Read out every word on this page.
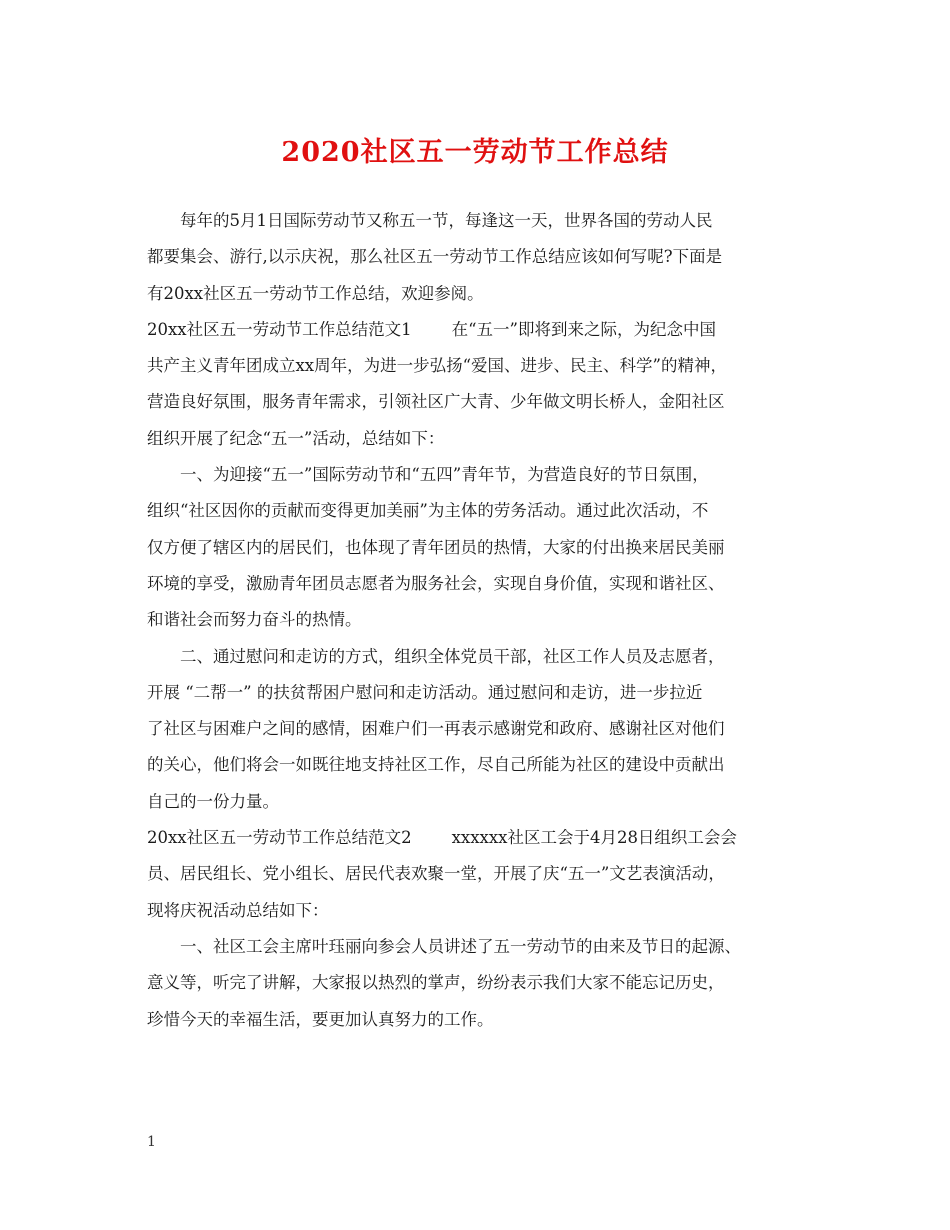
2020社区五一劳动节工作总结
每年的5月1日国际劳动节又称五一节，每逢这一天，世界各国的劳动人民
都要集会、游行,以示庆祝，那么社区五一劳动节工作总结应该如何写呢?下面是
有20xx社区五一劳动节工作总结，欢迎参阅。
20xx社区五一劳动节工作总结范文1 在“五一”即将到来之际，为纪念中国
共产主义青年团成立xx周年，为进一步弘扬“爱国、进步、民主、科学”的精神，
营造良好氛围，服务青年需求，引领社区广大青、少年做文明长桥人，金阳社区
组织开展了纪念“五一”活动，总结如下：
一、为迎接“五一”国际劳动节和“五四”青年节，为营造良好的节日氛围，
组织“社区因你的贡献而变得更加美丽”为主体的劳务活动。通过此次活动，不
仅方便了辖区内的居民们，也体现了青年团员的热情，大家的付出换来居民美丽
环境的享受，激励青年团员志愿者为服务社会，实现自身价值，实现和谐社区、
和谐社会而努力奋斗的热情。
二、通过慰问和走访的方式，组织全体党员干部，社区工作人员及志愿者，
开展 “二帮一” 的扶贫帮困户慰问和走访活动。通过慰问和走访，进一步拉近
了社区与困难户之间的感情，困难户们一再表示感谢党和政府、感谢社区对他们
的关心，他们将会一如既往地支持社区工作，尽自己所能为社区的建设中贡献出
自己的一份力量。
20xx社区五一劳动节工作总结范文2 xxxxxx社区工会于4月28日组织工会会
员、居民组长、党小组长、居民代表欢聚一堂，开展了庆“五一”文艺表演活动，
现将庆祝活动总结如下：
一、社区工会主席叶珏丽向参会人员讲述了五一劳动节的由来及节日的起源、
意义等，听完了讲解，大家报以热烈的掌声，纷纷表示我们大家不能忘记历史，
珍惜今天的幸福生活，要更加认真努力的工作。
1
